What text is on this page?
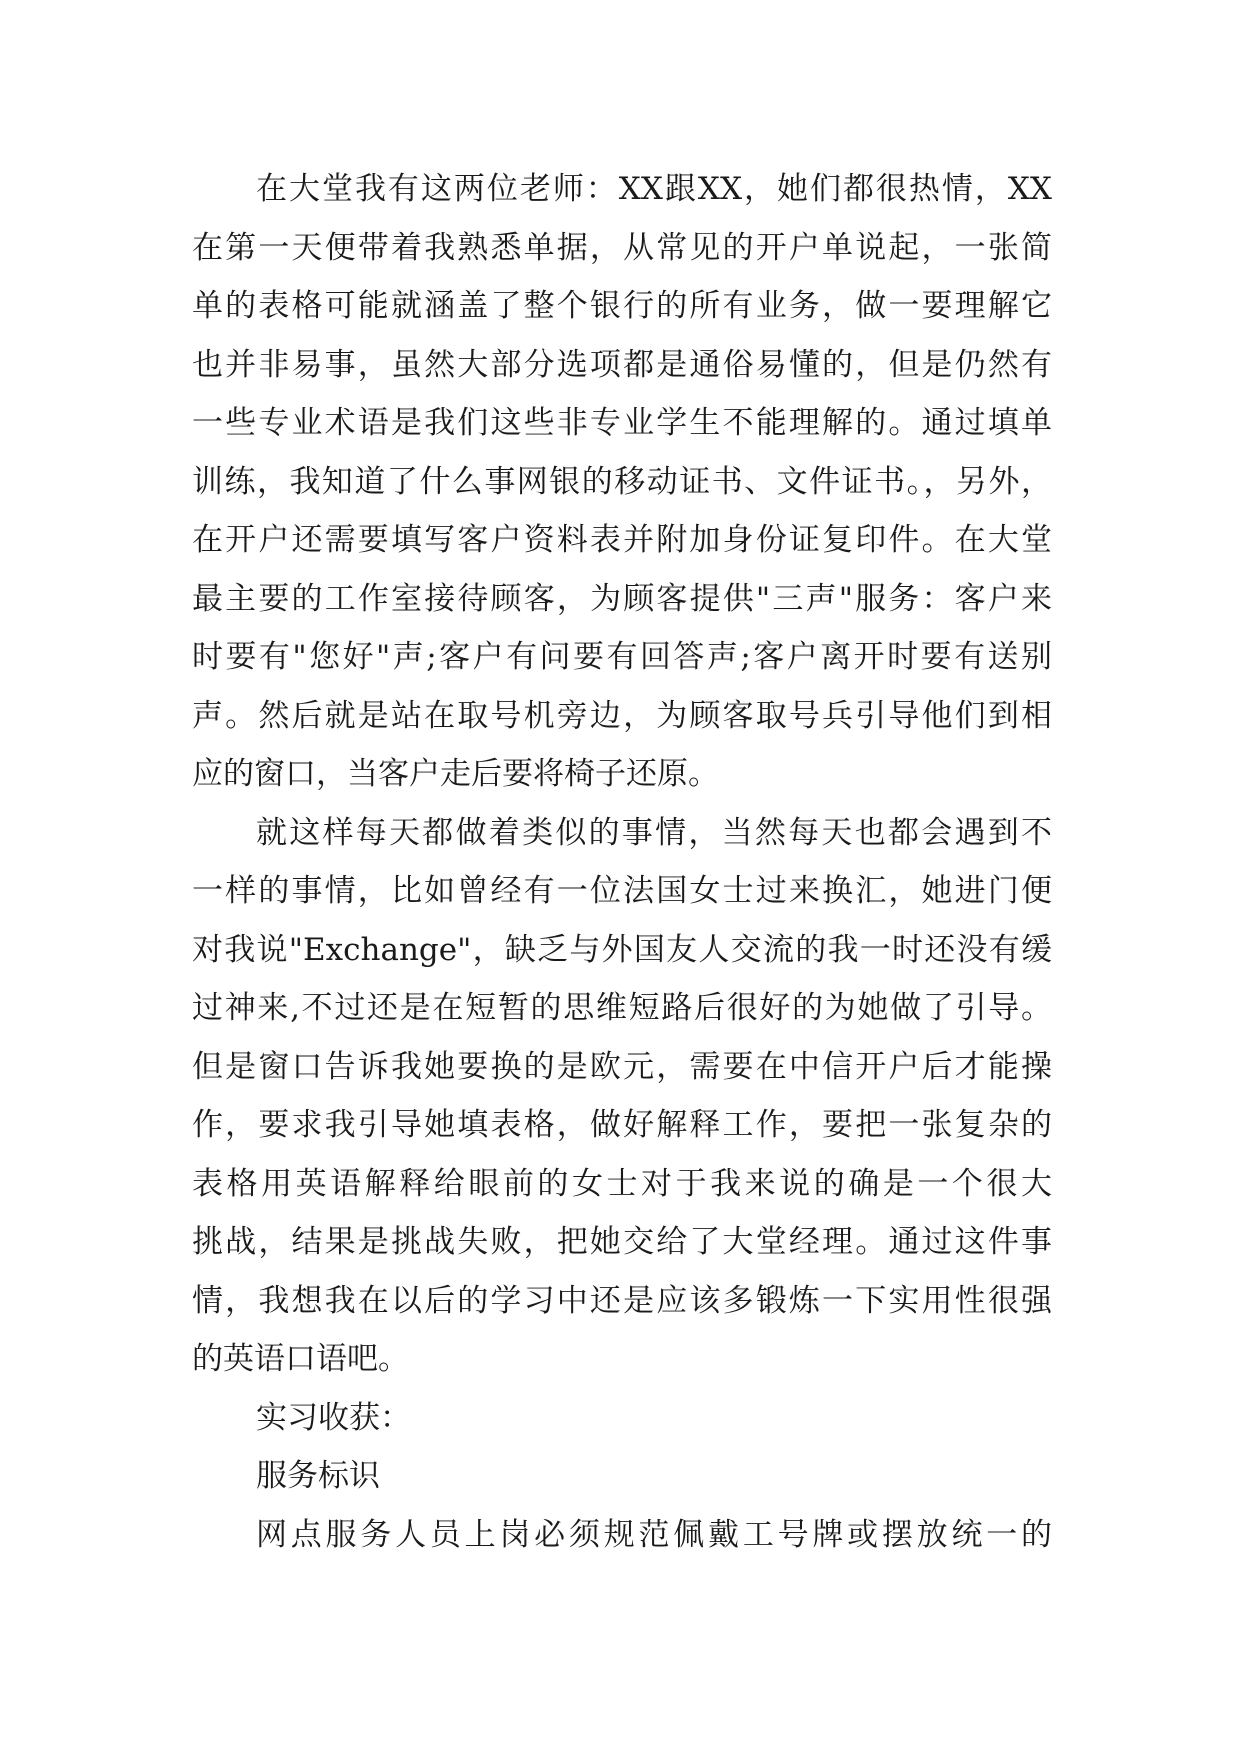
在大堂我有这两位老师：XX跟XX，她们都很热情，XX
在第一天便带着我熟悉单据，从常见的开户单说起，一张简
单的表格可能就涵盖了整个银行的所有业务，做一要理解它
也并非易事，虽然大部分选项都是通俗易懂的，但是仍然有
一些专业术语是我们这些非专业学生不能理解的。通过填单
训练，我知道了什么事网银的移动证书、文件证书。，另外，
在开户还需要填写客户资料表并附加身份证复印件。在大堂
最主要的工作室接待顾客，为顾客提供"三声"服务：客户来
时要有"您好"声;客户有问要有回答声;客户离开时要有送别
声。然后就是站在取号机旁边，为顾客取号兵引导他们到相
应的窗口，当客户走后要将椅子还原。
就这样每天都做着类似的事情，当然每天也都会遇到不
一样的事情，比如曾经有一位法国女士过来换汇，她进门便
对我说"Exchange"，缺乏与外国友人交流的我一时还没有缓
过神来,不过还是在短暂的思维短路后很好的为她做了引导。
但是窗口告诉我她要换的是欧元，需要在中信开户后才能操
作，要求我引导她填表格，做好解释工作，要把一张复杂的
表格用英语解释给眼前的女士对于我来说的确是一个很大
挑战，结果是挑战失败，把她交给了大堂经理。通过这件事
情，我想我在以后的学习中还是应该多锻炼一下实用性很强
的英语口语吧。
实习收获：
服务标识
网点服务人员上岗必须规范佩戴工号牌或摆放统一的
